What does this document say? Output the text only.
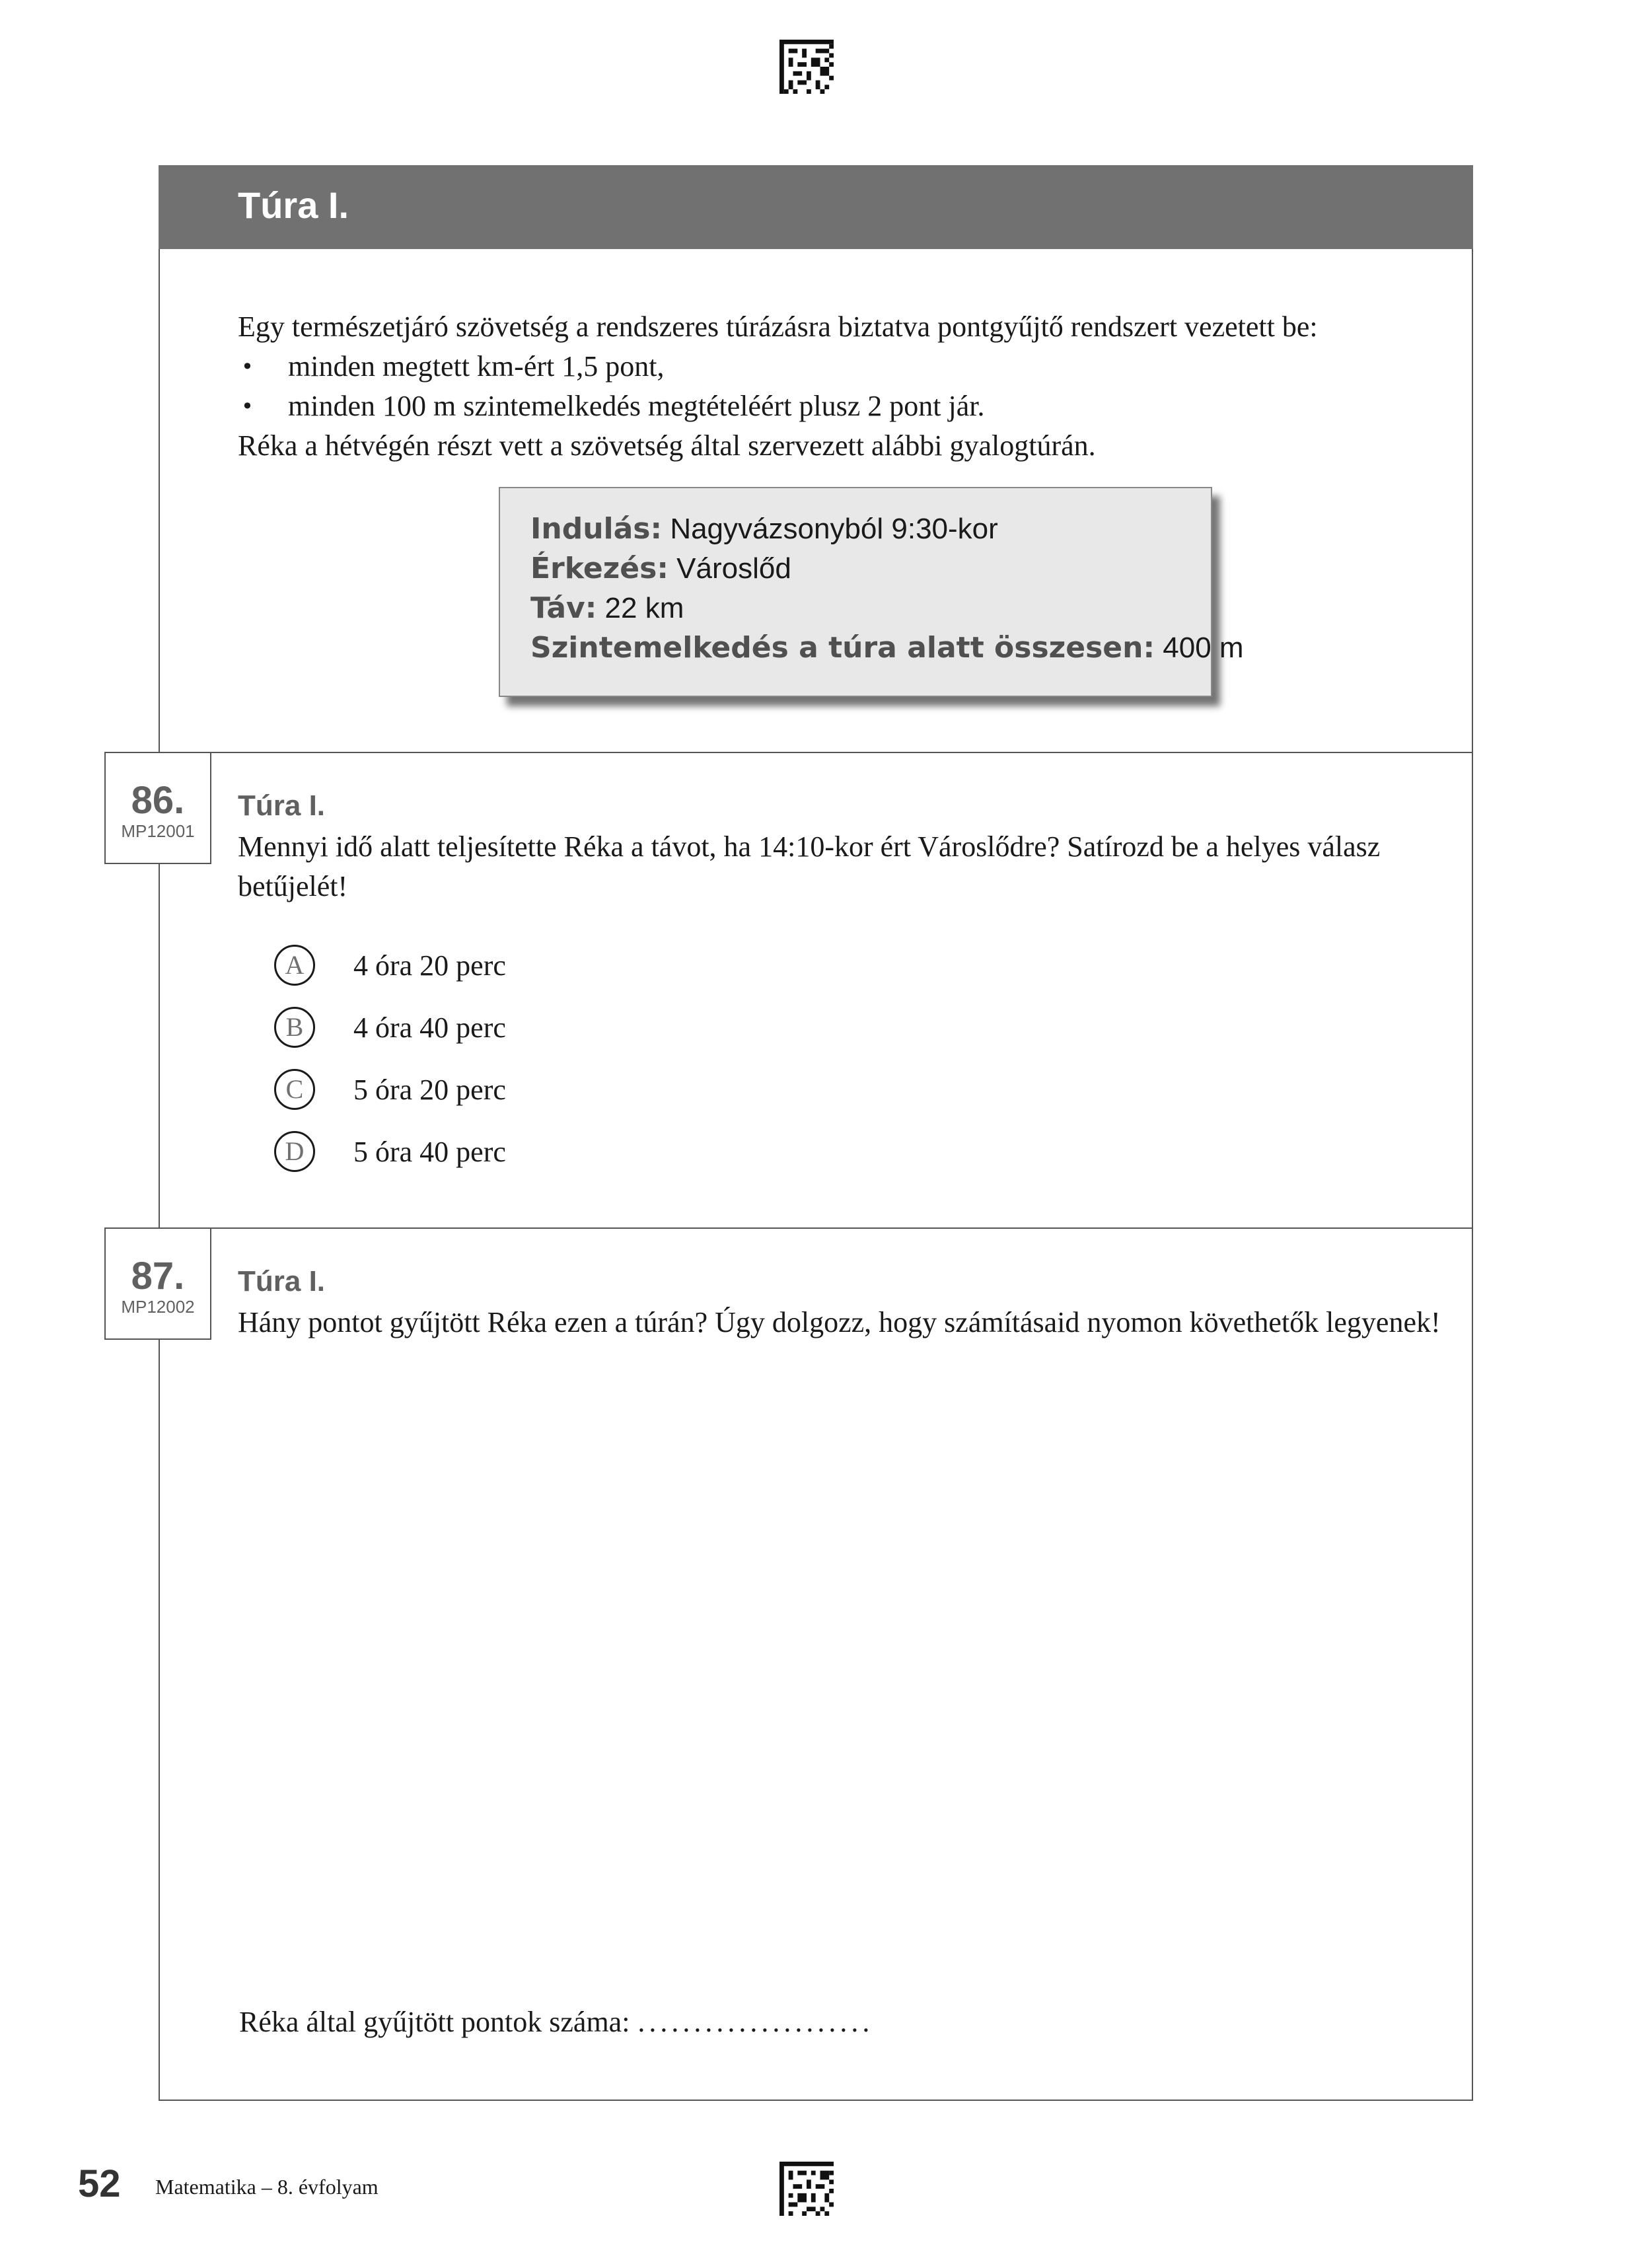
Túra I.

Egy természetjáró szövetség a rendszeres túrázásra biztatva pontgyűjtő rendszert vezetett be:

• minden megtett km-ért 1,5 pont,
• minden 100 m szintemelkedés megtételéért plusz 2 pont jár.

Réka a hétvégén részt vett a szövetség által szervezett alábbi gyalogtúrán.

Indulás: Nagyvázsonyból 9:30-kor
Érkezés: Városlőd
Táv: 22 km
Szintemelkedés a túra alatt összesen: 400 m
86.
MP12001
Túra I.
Mennyi idő alatt teljesítette Réka a távot, ha 14:10-kor ért Városlődre? Satírozd be a helyes válasz betűjelét!
A	4 óra 20 perc
B	4 óra 40 perc
C	5 óra 20 perc
D	5 óra 40 perc
87.
MP12002
Túra I.
Hány pontot gyűjtött Réka ezen a túrán? Úgy dolgozz, hogy számításaid nyomon követhetők legyenek!
Réka által gyűjtött pontok száma: .....................
52 Matematika – 8. évfolyam
